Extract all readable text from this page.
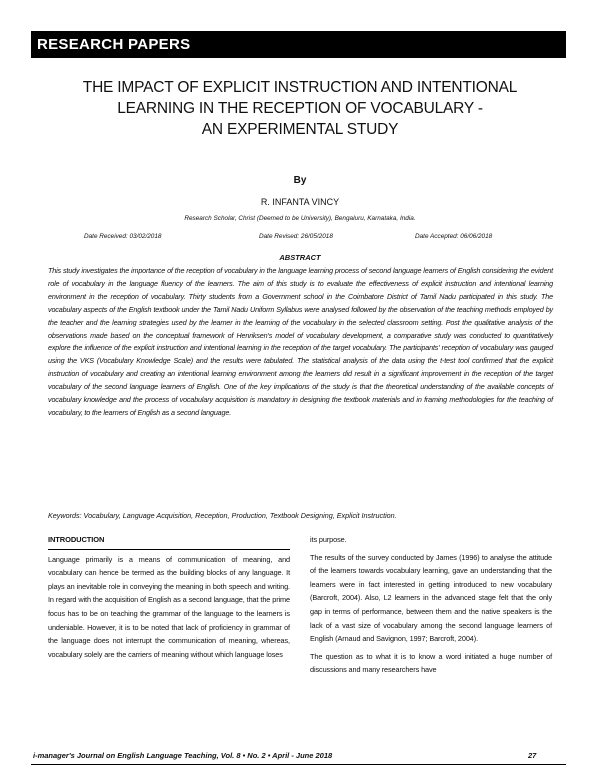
RESEARCH PAPERS
THE IMPACT OF EXPLICIT INSTRUCTION AND INTENTIONAL
LEARNING IN THE RECEPTION OF VOCABULARY -
AN EXPERIMENTAL STUDY
By
R. INFANTA VINCY
Research Scholar, Christ (Deemed to be University), Bengaluru, Karnataka, India.
Date Received: 03/02/2018	Date Revised: 26/05/2018	Date Accepted: 06/06/2018
ABSTRACT

This study investigates the importance of the reception of vocabulary in the language learning process of second language learners of English considering the evident role of vocabulary in the language fluency of the learners. The aim of this study is to evaluate the effectiveness of explicit instruction and intentional learning environment in the reception of vocabulary. Thirty students from a Government school in the Coimbatore District of Tamil Nadu participated in this study. The vocabulary aspects of the English textbook under the Tamil Nadu Uniform Syllabus were analysed followed by the observation of the teaching methods employed by the teacher and the learning strategies used by the learner in the learning of the vocabulary in the selected classroom setting. Post the qualitative analysis of the observations made based on the conceptual framework of Henriksen's model of vocabulary development, a comparative study was conducted to quantitatively explore the influence of the explicit instruction and intentional learning in the reception of the target vocabulary. The participants' reception of vocabulary was gauged using the VKS (Vocabulary Knowledge Scale) and the results were tabulated. The statistical analysis of the data using the t-test tool confirmed that the explicit instruction of vocabulary and creating an intentional learning environment among the learners did result in a significant improvement in the reception of the target vocabulary of the second language learners of English. One of the key implications of the study is that the theoretical understanding of the available concepts of vocabulary knowledge and the process of vocabulary acquisition is mandatory in designing the textbook materials and in framing methodologies for the teaching of vocabulary, to the learners of English as a second language.

Keywords: Vocabulary, Language Acquisition, Reception, Production, Textbook Designing, Explicit Instruction.
INTRODUCTION

Language primarily is a means of communication of meaning, and vocabulary can hence be termed as the building blocks of any language. It plays an inevitable role in conveying the meaning in both speech and writing. In regard with the acquisition of English as a second language, that the prime focus has to be on teaching the grammar of the language to the learners is undeniable. However, it is to be noted that lack of proficiency in grammar of the language does not interrupt the communication of meaning, whereas, vocabulary solely are the carriers of meaning without which language loses

its purpose.

The results of the survey conducted by James (1996) to analyse the attitude of the learners towards vocabulary learning, gave an understanding that the learners were in fact interested in getting introduced to new vocabulary (Barcroft, 2004). Also, L2 learners in the advanced stage felt that the only gap in terms of performance, between them and the native speakers is the lack of a vast size of vocabulary among the second language learners of English (Arnaud and Savignon, 1997; Barcroft, 2004).

The question as to what it is to know a word initiated a huge number of discussions and many researchers have

i-manager's Journal on English Language Teaching, Vol. 8 • No. 2 • April - June 2018	27
